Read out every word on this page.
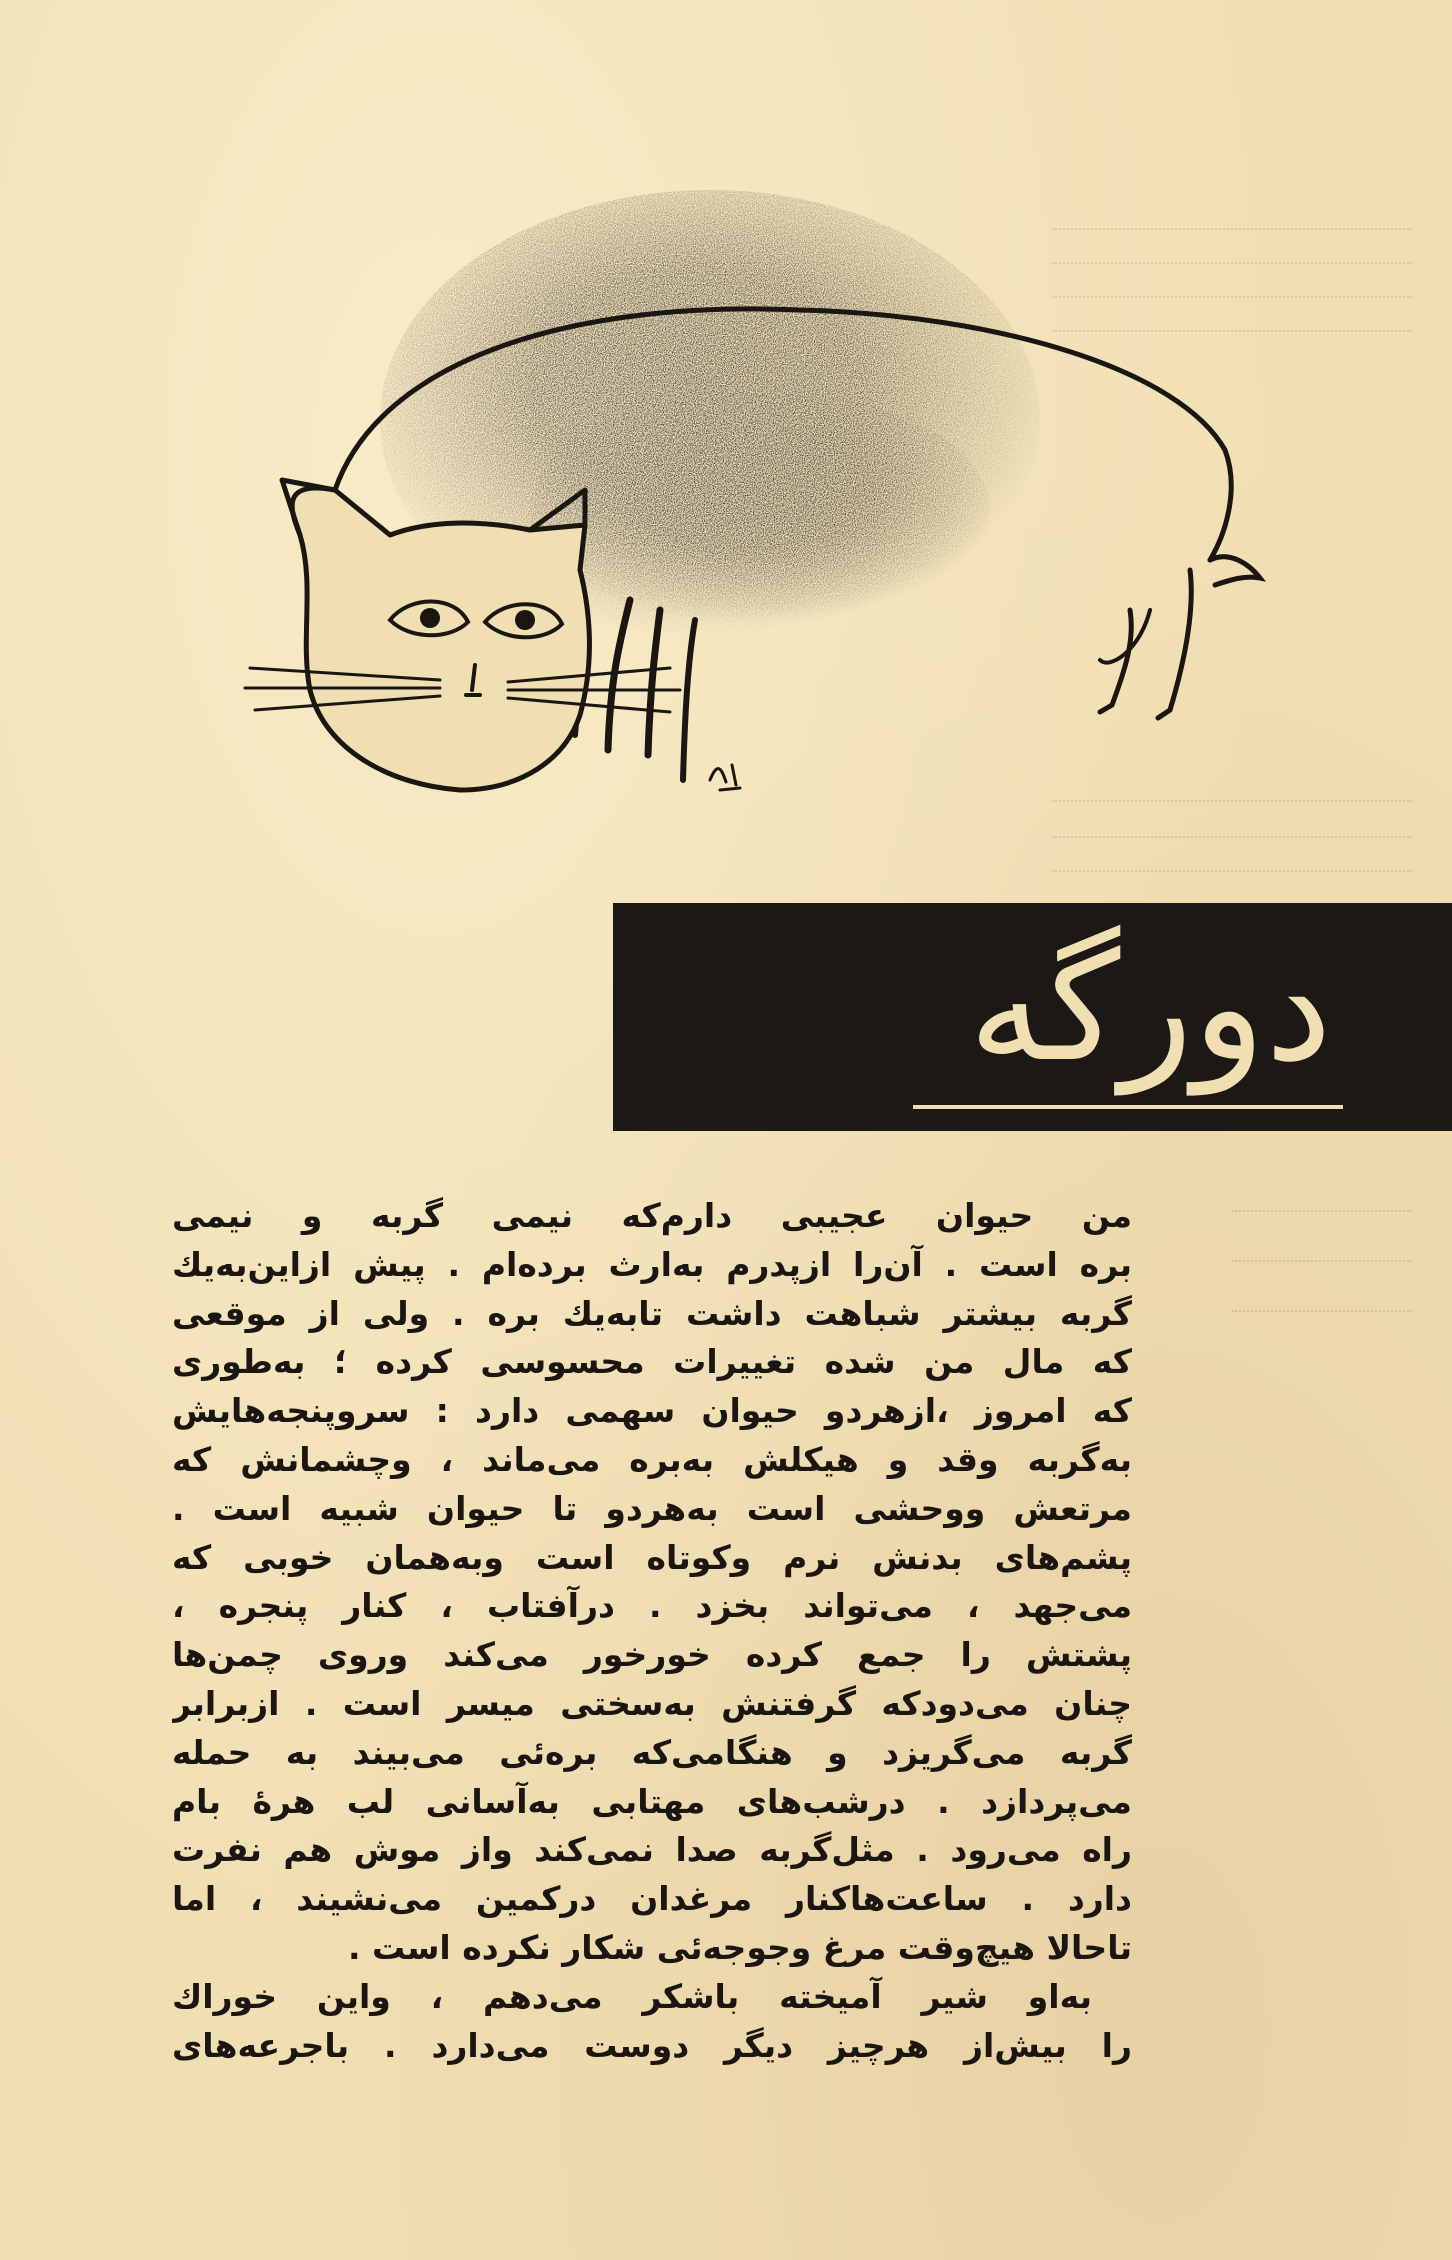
دورگه
من حیوان عجیبی دارم‌که نیمی گربه و نیمی
بره است . آن‌را از‌پدرم به‌ارث برده‌ام . پیش از‌این‌به‌یك
گربه بیشتر شباهت داشت تا‌به‌یك بره . ولی از موقعی
که مال من شده تغییرات محسوسی کرده ؛ به‌طوری
که امروز ،از‌هردو حیوان سهمی دارد : سرو‌پنجه‌هایش
به‌گربه وقد و هیکلش به‌بره می‌ماند ، و‌چشمانش که
مرتعش ووحشی است به‌هردو تا حیوان شبیه است .
پشم‌های بدنش نرم وکوتاه است وبه‌همان خوبی که
می‌جهد ، می‌تواند بخزد . در‌آفتاب ، کنار پنجره ،
پشتش را جمع کرده خورخور می‌کند وروی چمن‌ها
چنان می‌دود‌که گرفتنش به‌سختی میسر است . از‌برابر
گربه می‌گریزد و هنگامی‌که بره‌ئی می‌بیند به حمله
می‌پردازد . در‌شب‌های مهتابی به‌آسانی لب هرهٔ بام
راه می‌رود . مثل‌گربه صدا نمی‌کند واز موش هم نفرت
دارد . ساعت‌ها‌کنار مرغدان در‌کمین می‌نشیند ، اما
تا‌حالا هیچ‌وقت مرغ وجوجه‌ئی شکار نکرده است .
به‌او شیر آمیخته باشکر می‌دهم ، واین خوراك
را بیش‌از هرچیز دیگر دوست می‌دارد . باجرعه‌های
